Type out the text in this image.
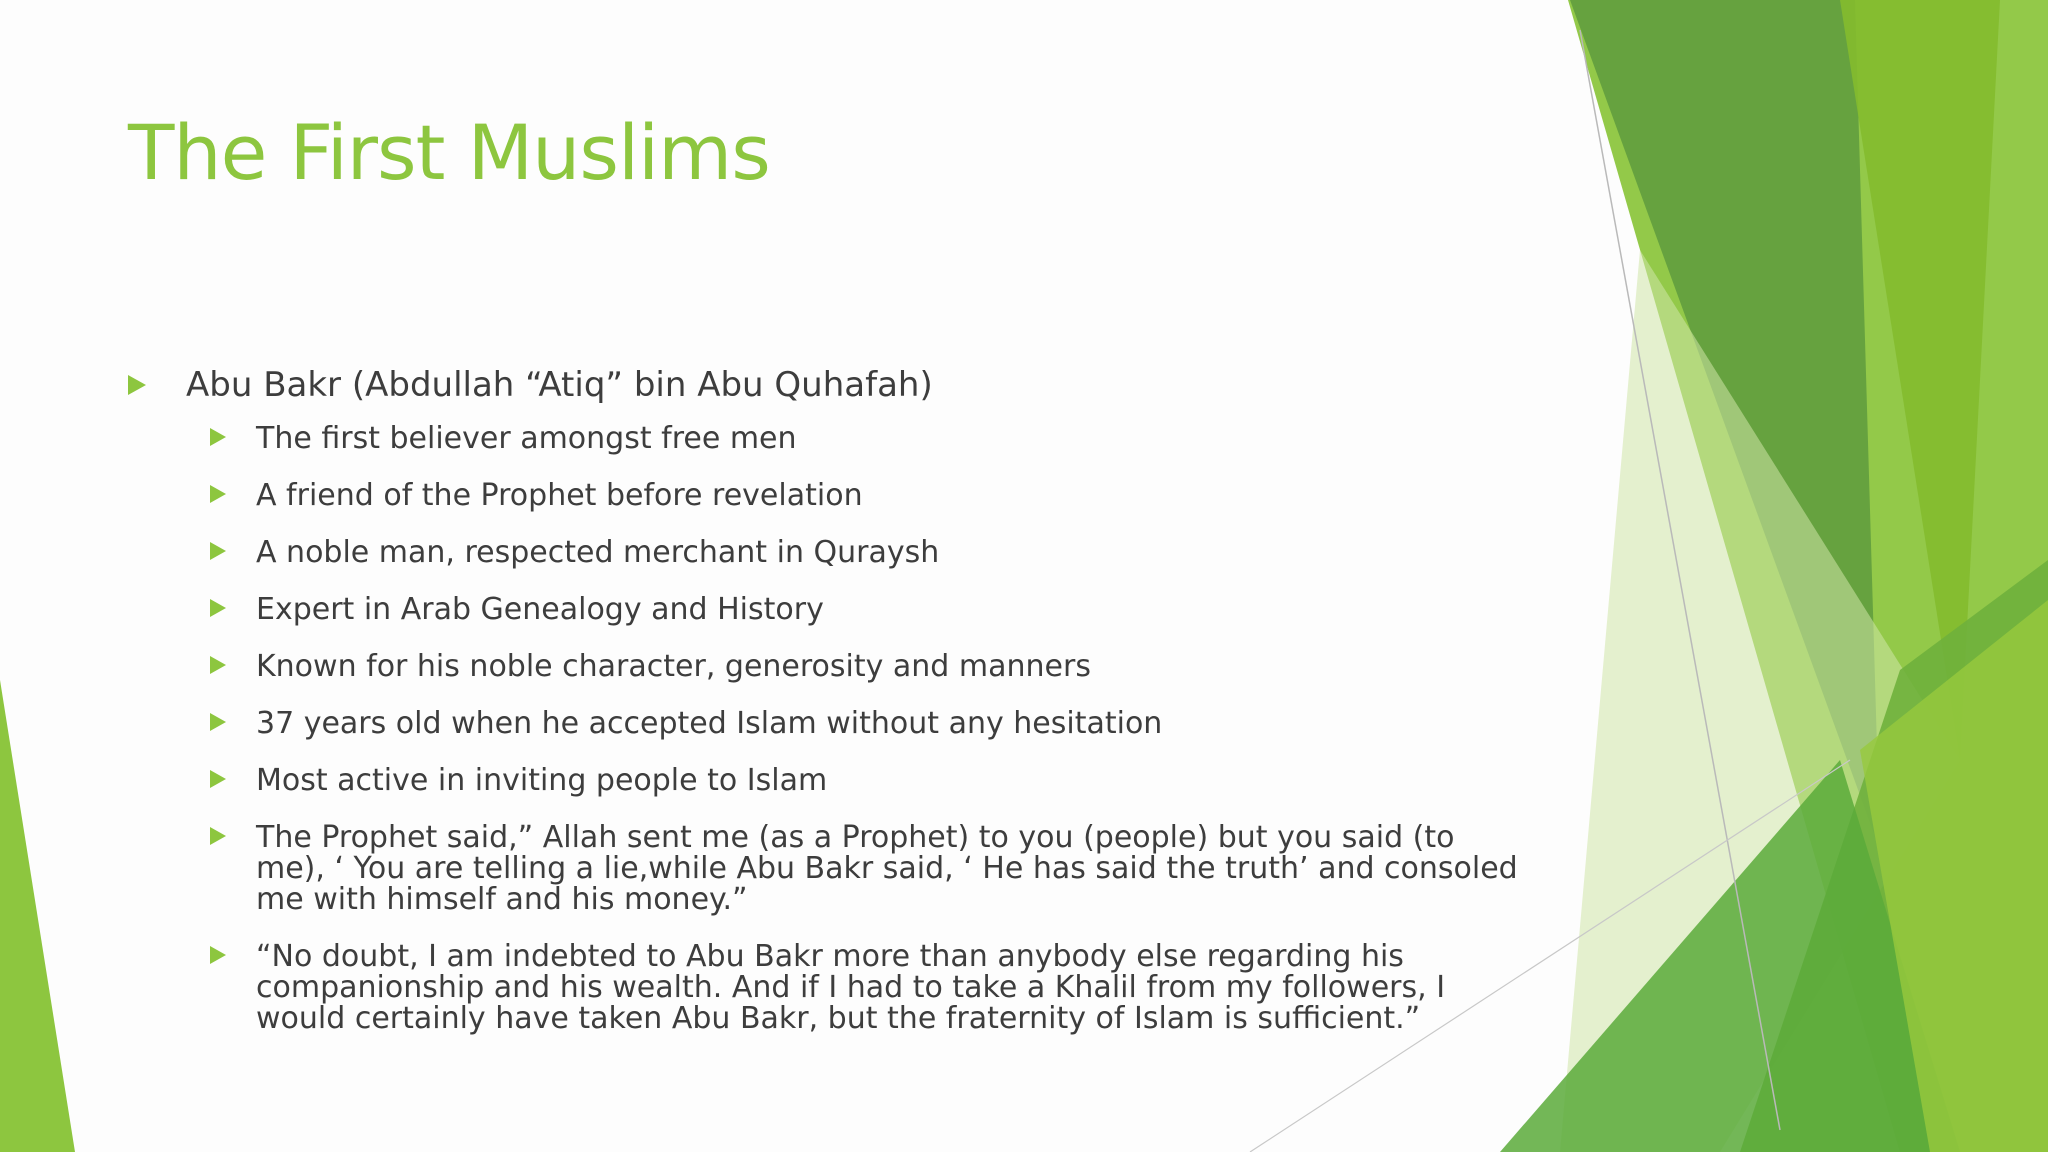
The First Muslims
Abu Bakr (Abdullah “Atiq” bin Abu Quhafah)
The first believer amongst free men
A friend of the Prophet before revelation
A noble man, respected merchant in Quraysh
Expert in Arab Genealogy and History
Known for his noble character, generosity and manners
37 years old when he accepted Islam without any hesitation
Most active in inviting people to Islam
The Prophet said,” Allah sent me (as a Prophet) to you (people) but you said (to me), ‘ You are telling a lie,while Abu Bakr said, ‘ He has said the truth’ and consoled me with himself and his money.”
“No doubt, I am indebted to Abu Bakr more than anybody else regarding his companionship and his wealth. And if I had to take a Khalil from my followers, I would certainly have taken Abu Bakr, but the fraternity of Islam is sufficient.”
